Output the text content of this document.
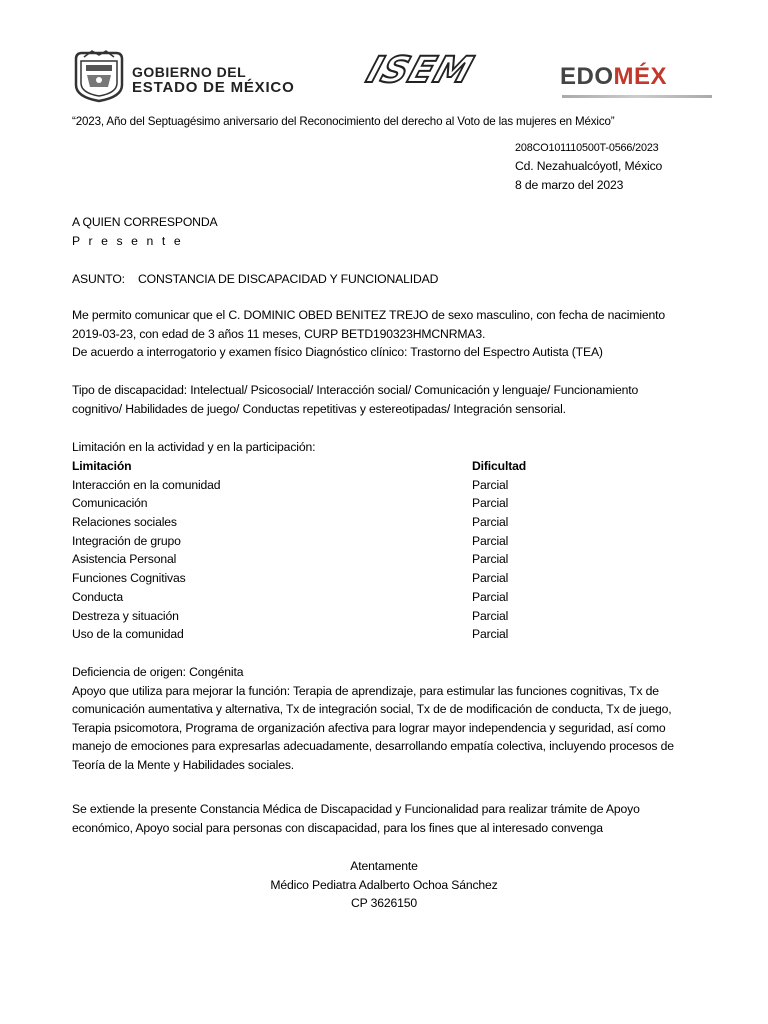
GOBIERNO DEL
ESTADO DE MÉXICO ISEM	EDOMÉX
“2023, Año del Septuagésimo aniversario del Reconocimiento del derecho al Voto de las mujeres en México”
208CO101110500T-0566/2023
Cd. Nezahualcóyotl, México
8 de marzo del 2023
A QUIEN CORRESPONDA
P r e s e n t e
ASUNTO: CONSTANCIA DE DISCAPACIDAD Y FUNCIONALIDAD
Me permito comunicar que el C. DOMINIC OBED BENITEZ TREJO de sexo masculino, con fecha de nacimiento
2019-03-23, con edad de 3 años 11 meses, CURP BETD190323HMCNRMA3.
De acuerdo a interrogatorio y examen físico Diagnóstico clínico: Trastorno del Espectro Autista (TEA)
Tipo de discapacidad: Intelectual/ Psicosocial/ Interacción social/ Comunicación y lenguaje/ Funcionamiento
cognitivo/ Habilidades de juego/ Conductas repetitivas y estereotipadas/ Integración sensorial.
Limitación en la actividad y en la participación:
Limitación	Dificultad
Interacción en la comunidad	Parcial
Comunicación	Parcial
Relaciones sociales	Parcial
Integración de grupo	Parcial
Asistencia Personal	Parcial
Funciones Cognitivas	Parcial
Conducta	Parcial
Destreza y situación	Parcial
Uso de la comunidad	Parcial
Deficiencia de origen: Congénita
Apoyo que utiliza para mejorar la función: Terapia de aprendizaje, para estimular las funciones cognitivas, Tx de
comunicación aumentativa y alternativa, Tx de integración social, Tx de de modificación de conducta, Tx de juego,
Terapia psicomotora, Programa de organización afectiva para lograr mayor independencia y seguridad, así como
manejo de emociones para expresarlas adecuadamente, desarrollando empatía colectiva, incluyendo procesos de
Teoría de la Mente y Habilidades sociales.
Se extiende la presente Constancia Médica de Discapacidad y Funcionalidad para realizar trámite de Apoyo
económico, Apoyo social para personas con discapacidad, para los fines que al interesado convenga
Atentamente
Médico Pediatra Adalberto Ochoa Sánchez
CP 3626150
